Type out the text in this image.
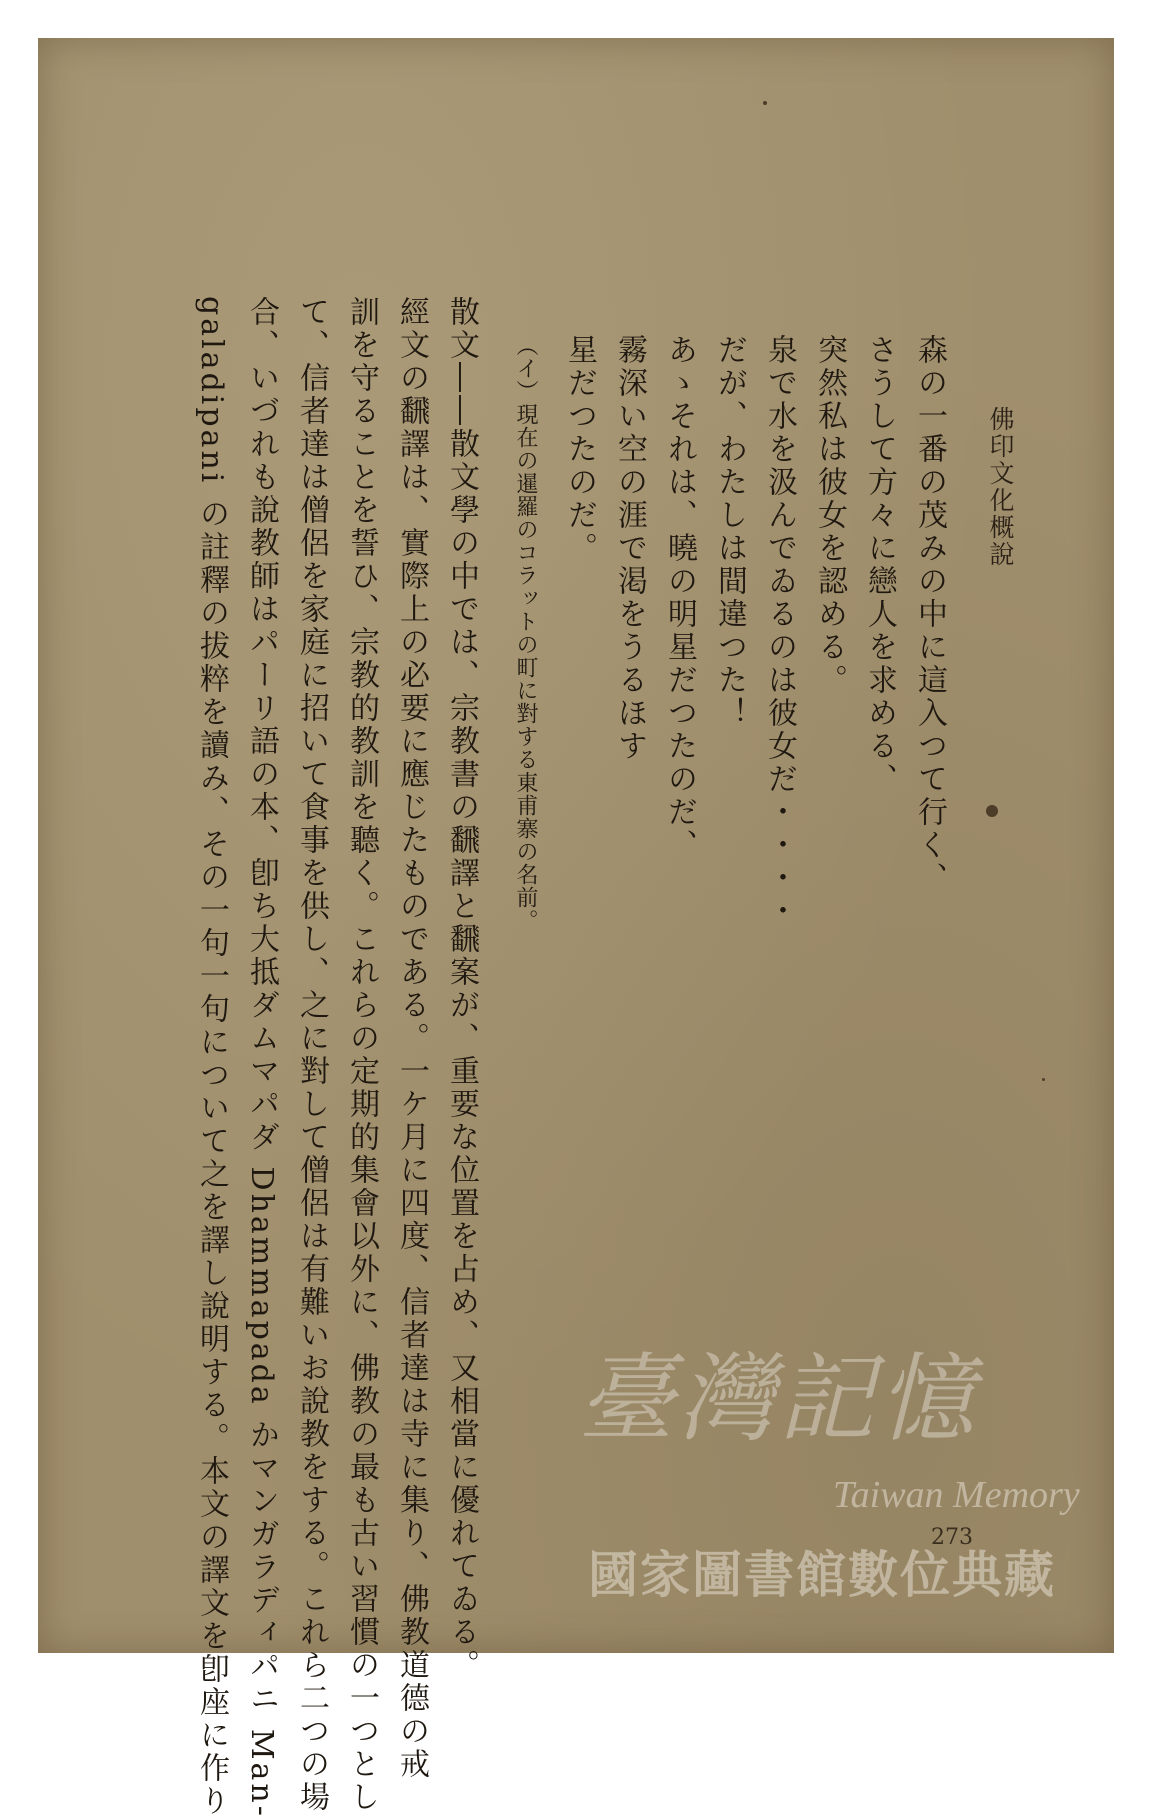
佛印文化概說
森の一番の茂みの中に這入つて行く、
さうして方々に戀人を求める、
突然私は彼女を認める。
泉で水を汲んでゐるのは彼女だ・・・・
だが、わたしは間違つた！
あゝそれは、曉の明星だつたのだ、
霧深い空の涯で渇をうるほす
星だつたのだ。
（イ）現在の暹羅のコラットの町に對する東甫寨の名前。
散文――散文學の中では、宗教書の飜譯と飜案が、重要な位置を占め、又相當に優れてゐる。
經文の飜譯は、實際上の必要に應じたものである。一ケ月に四度、信者達は寺に集り、佛教道德の戒
訓を守ることを誓ひ、宗教的教訓を聽く。これらの定期的集會以外に、佛教の最も古い習慣の一つとし
て、信者達は僧侶を家庭に招いて食事を供し、之に對して僧侶は有難いお說教をする。これら二つの場
合、いづれも說教師はパーリ語の本、卽ち大抵ダムマパダ Dhammapada かマンガラディパニ Man-
galadipani の註釋の拔粹を讀み、その一句一句について之を譯し說明する。本文の譯文を卽座に作り	273
臺灣記憶
Taiwan Memory
國家圖書館數位典藏
